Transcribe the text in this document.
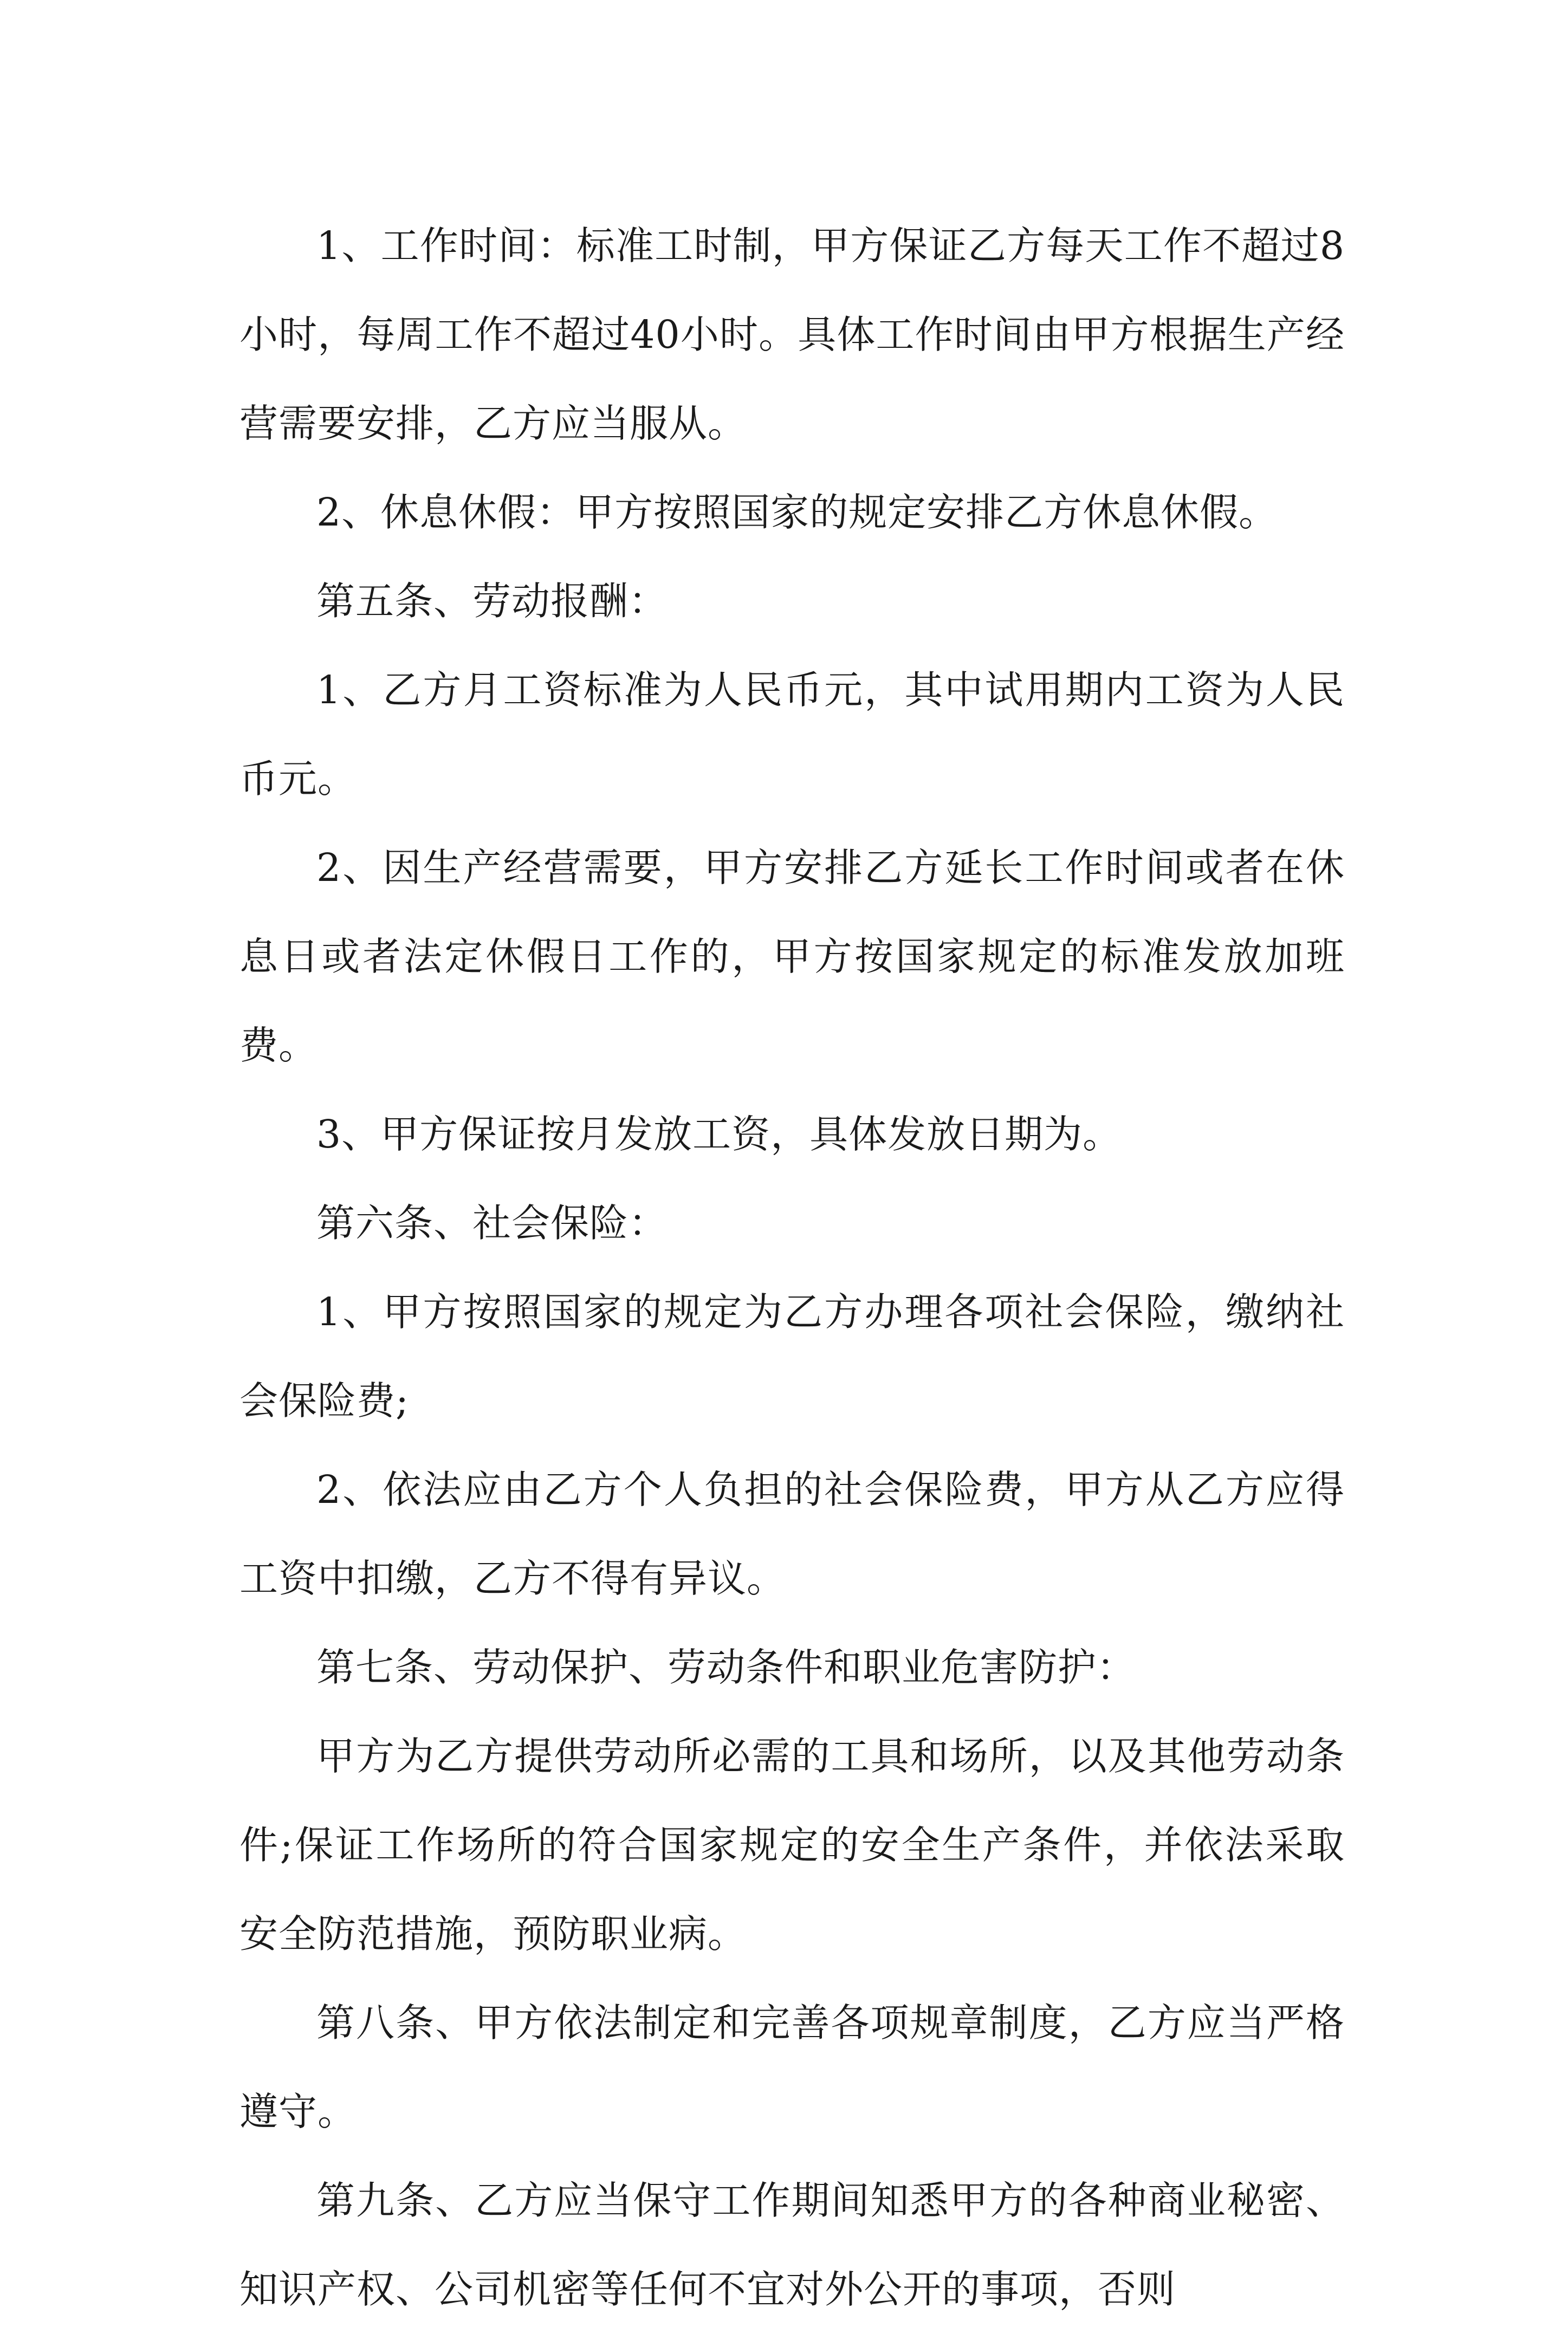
1、工作时间：标准工时制，甲方保证乙方每天工作不超过8小时，每周工作不超过40小时。具体工作时间由甲方根据生产经营需要安排，乙方应当服从。

2、休息休假：甲方按照国家的规定安排乙方休息休假。

第五条、劳动报酬：

1、乙方月工资标准为人民币元，其中试用期内工资为人民币元。

2、因生产经营需要，甲方安排乙方延长工作时间或者在休息日或者法定休假日工作的，甲方按国家规定的标准发放加班费。

3、甲方保证按月发放工资，具体发放日期为。

第六条、社会保险：

1、甲方按照国家的规定为乙方办理各项社会保险，缴纳社会保险费;

2、依法应由乙方个人负担的社会保险费，甲方从乙方应得工资中扣缴，乙方不得有异议。

第七条、劳动保护、劳动条件和职业危害防护：

甲方为乙方提供劳动所必需的工具和场所，以及其他劳动条件;保证工作场所的符合国家规定的安全生产条件，并依法采取安全防范措施，预防职业病。

第八条、甲方依法制定和完善各项规章制度，乙方应当严格遵守。

第九条、乙方应当保守工作期间知悉甲方的各种商业秘密、知识产权、公司机密等任何不宜对外公开的事项，否则
